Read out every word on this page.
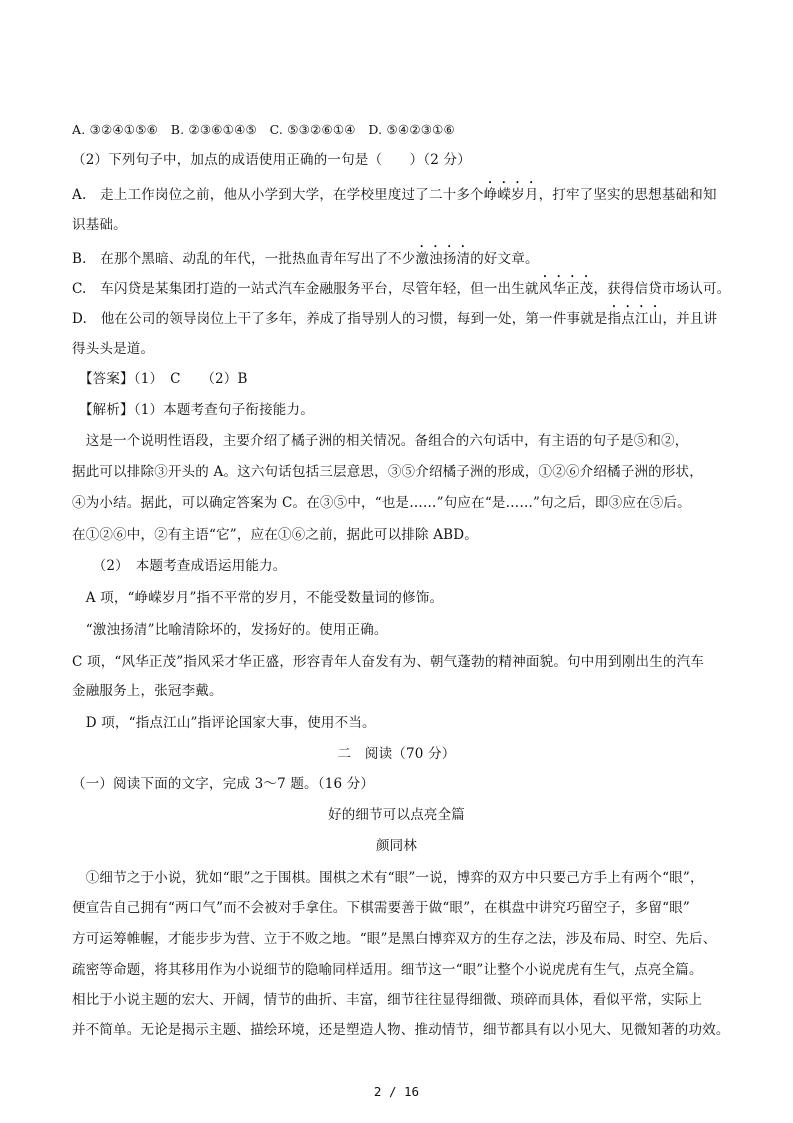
A. ③②④①⑤⑥　B. ②③⑥①④⑤　C. ⑤③②⑥①④　D. ⑤④②③①⑥
（2）下列句子中，加点的成语使用正确的一句是（　　）（2 分）
A.　走上工作岗位之前，他从小学到大学，在学校里度过了二十多个峥嵘岁月，打牢了坚实的思想基础和知
识基础。
B.　在那个黑暗、动乱的年代，一批热血青年写出了不少激浊扬清的好文章。
C.　车闪贷是某集团打造的一站式汽车金融服务平台，尽管年轻，但一出生就风华正茂，获得信贷市场认可。
D.　他在公司的领导岗位上干了多年，养成了指导别人的习惯，每到一处，第一件事就是指点江山，并且讲
得头头是道。
　【答案】（1）　C　　（2）B
　【解析】（1）本题考查句子衔接能力。
　这是一个说明性语段，主要介绍了橘子洲的相关情况。备组合的六句话中，有主语的句子是⑤和②，
据此可以排除③开头的 A。这六句话包括三层意思，③⑤介绍橘子洲的形成，①②⑥介绍橘子洲的形状，
④为小结。据此，可以确定答案为 C。在③⑤中，“也是……”句应在“是……”句之后，即③应在⑤后。
在①②⑥中，②有主语“它”，应在①⑥之前，据此可以排除 ABD。
　　（2）　本题考查成语运用能力。
　A 项，“峥嵘岁月”指不平常的岁月，不能受数量词的修饰。
　“激浊扬清”比喻清除坏的，发扬好的。使用正确。
C 项，“风华正茂”指风采才华正盛，形容青年人奋发有为、朝气蓬勃的精神面貌。句中用到刚出生的汽车
金融服务上，张冠李戴。
　D 项，“指点江山”指评论国家大事，使用不当。
二　阅读（70 分）
（一）阅读下面的文字，完成 3～7 题。（16 分）
好的细节可以点亮全篇
颜同林
　①细节之于小说，犹如“眼”之于围棋。围棋之术有“眼”一说，博弈的双方中只要己方手上有两个“眼”，
便宣告自己拥有“两口气”而不会被对手拿住。下棋需要善于做“眼”，在棋盘中讲究巧留空子，多留“眼”
方可运筹帷幄，才能步步为营、立于不败之地。“眼”是黑白博弈双方的生存之法，涉及布局、时空、先后、
疏密等命题，将其移用作为小说细节的隐喻同样适用。细节这一“眼”让整个小说虎虎有生气，点亮全篇。
相比于小说主题的宏大、开阔，情节的曲折、丰富，细节往往显得细微、琐碎而具体，看似平常，实际上
并不简单。无论是揭示主题、描绘环境，还是塑造人物、推动情节，细节都具有以小见大、见微知著的功效。
2 / 16
